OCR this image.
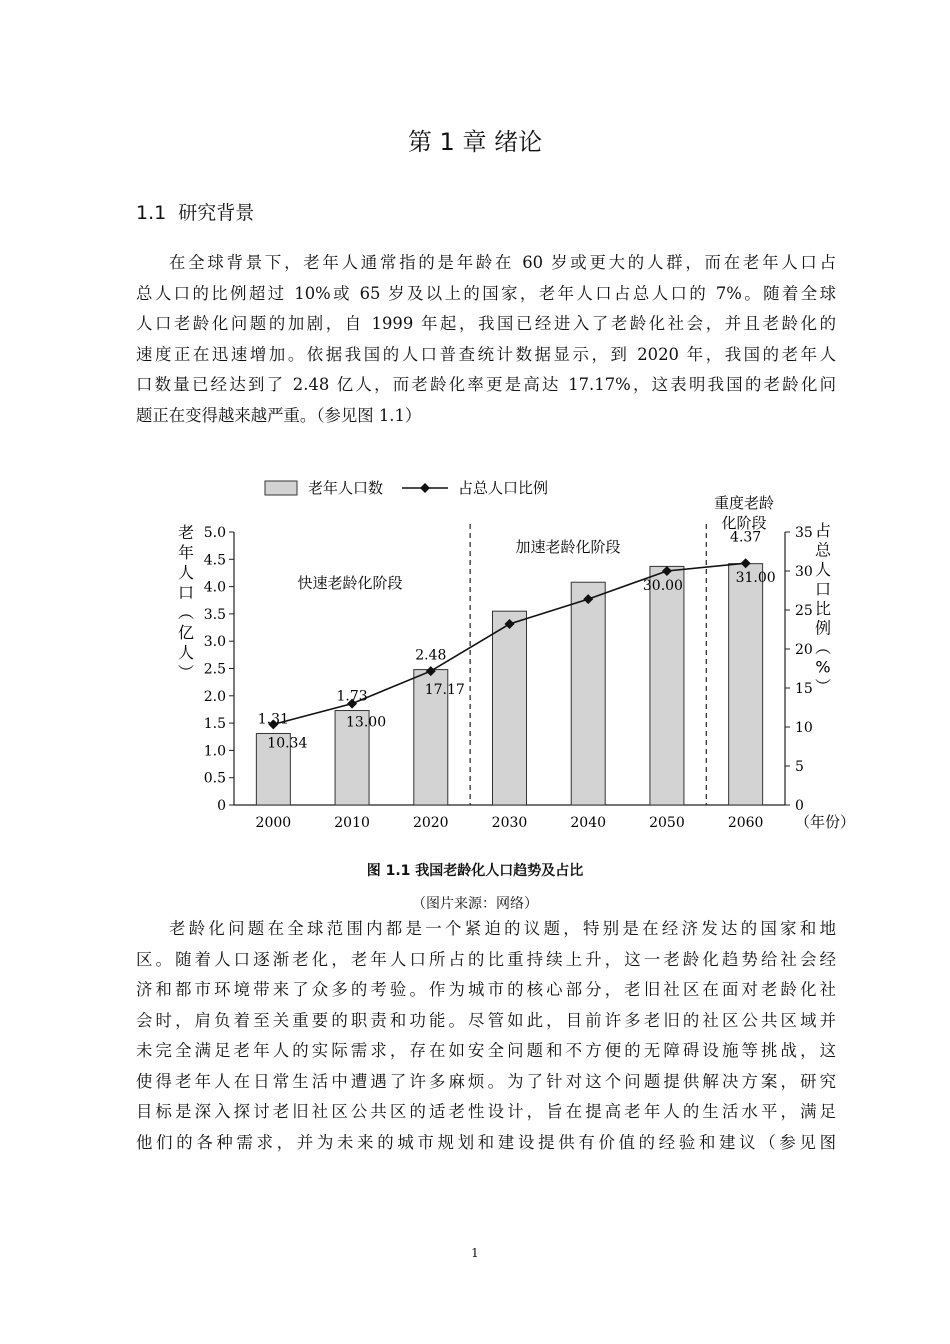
第 1 章 绪论
1.1 研究背景
在全球背景下，老年人通常指的是年龄在 60 岁或更大的人群，而在老年人口占
总人口的比例超过 10%或 65 岁及以上的国家，老年人口占总人口的 7%。随着全球
人口老龄化问题的加剧，自 1999 年起，我国已经进入了老龄化社会，并且老龄化的
速度正在迅速增加。依据我国的人口普查统计数据显示，到 2020 年，我国的老年人
口数量已经达到了 2.48 亿人，而老龄化率更是高达 17.17%，这表明我国的老龄化问
题正在变得越来越严重。（参见图 1.1）
0
0.5
1.0
1.5
2.0
2.5
3.0
3.5
4.0
4.5
5.0
0
5
10
15
20
25
30
35
老
年
人
口
（
亿
人
）
占
总
人
口
比
例
（
%
）
1.31
1.73
2.48
4.37
10.34
13.00
17.17
30.00	31.00
2000	2010	2020	2030	2040	2050	2060 （年份）
快速老龄化阶段
加速老龄化阶段
重度老龄
化阶段
老年人口数	占总人口比例
图 1.1 我国老龄化人口趋势及占比
（图片来源：网络）
老龄化问题在全球范围内都是一个紧迫的议题，特别是在经济发达的国家和地
区。随着人口逐渐老化，老年人口所占的比重持续上升，这一老龄化趋势给社会经
济和都市环境带来了众多的考验。作为城市的核心部分，老旧社区在面对老龄化社
会时，肩负着至关重要的职责和功能。尽管如此，目前许多老旧的社区公共区域并
未完全满足老年人的实际需求，存在如安全问题和不方便的无障碍设施等挑战，这
使得老年人在日常生活中遭遇了许多麻烦。为了针对这个问题提供解决方案，研究
目标是深入探讨老旧社区公共区的适老性设计，旨在提高老年人的生活水平，满足
他们的各种需求，并为未来的城市规划和建设提供有价值的经验和建议（参见图
1
